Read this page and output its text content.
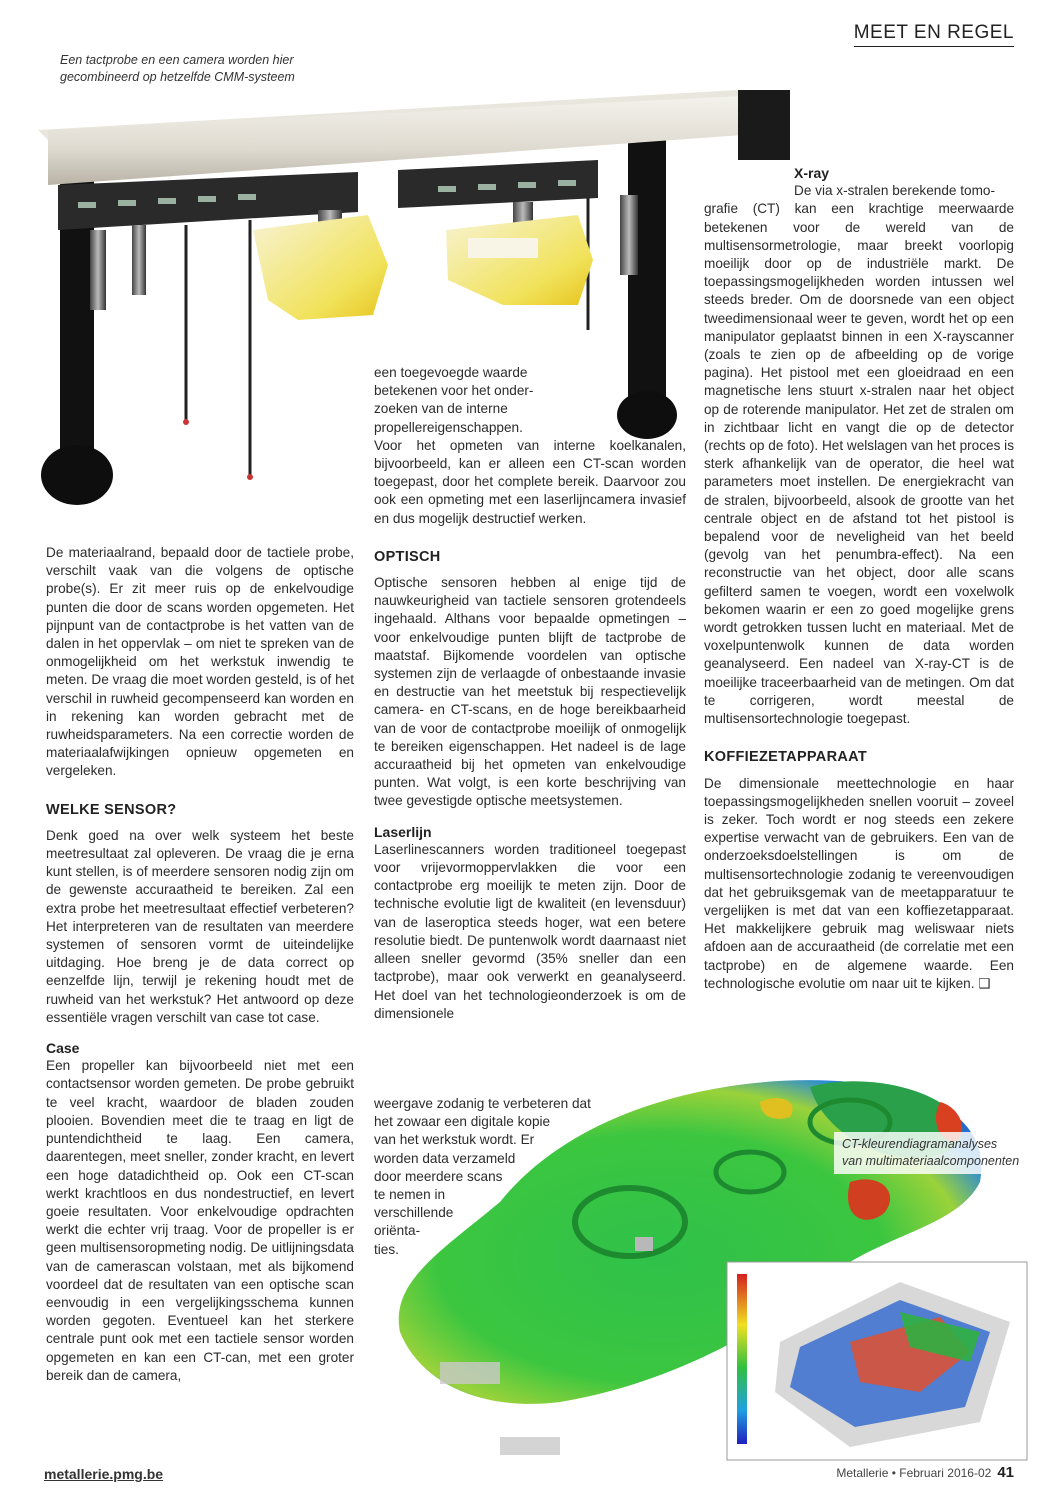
MEET EN REGEL
Een tactprobe en een camera worden hier
gecombineerd op hetzelfde CMM-systeem

De materiaalrand, bepaald door de tactiele probe, verschilt vaak van die volgens de optische probe(s). Er zit meer ruis op de enkelvoudige punten die door de scans worden opgemeten. Het pijnpunt van de contactprobe is het vatten van de dalen in het oppervlak – om niet te spreken van de onmogelijkheid om het werkstuk inwendig te meten. De vraag die moet worden gesteld, is of het verschil in ruwheid gecompenseerd kan worden en in rekening kan worden gebracht met de ruwheidsparameters. Na een correctie worden de materiaalafwijkingen opnieuw opgemeten en vergeleken.

WELKE SENSOR?

Denk goed na over welk systeem het beste meetresultaat zal opleveren. De vraag die je erna kunt stellen, is of meerdere sensoren nodig zijn om de gewenste accuraatheid te bereiken. Zal een extra probe het meetresultaat effectief verbeteren? Het interpreteren van de resultaten van meerdere systemen of sensoren vormt de uiteindelijke uitdaging. Hoe breng je de data correct op eenzelfde lijn, terwijl je rekening houdt met de ruwheid van het werkstuk? Het antwoord op deze essentiële vragen verschilt van case tot case.

Case

Een propeller kan bijvoorbeeld niet met een contactsensor worden gemeten. De probe gebruikt te veel kracht, waardoor de bladen zouden plooien. Bovendien meet die te traag en ligt de puntendichtheid te laag. Een camera, daarentegen, meet sneller, zonder kracht, en levert een hoge datadichtheid op. Ook een CT-scan werkt krachtloos en dus nondestructief, en levert goeie resultaten. Voor enkelvoudige opdrachten werkt die echter vrij traag. Voor de propeller is er geen multisensoropmeting nodig. De uitlijningsdata van de camerascan volstaan, met als bijkomend voordeel dat de resultaten van een optische scan eenvoudig in een vergelijkingsschema kunnen worden gegoten. Eventueel kan het sterkere centrale punt ook met een tactiele sensor worden opgemeten en kan een CT-can, met een groter bereik dan de camera,

een toegevoegde waarde

betekenen voor het onder-

zoeken van de interne

propellereigenschappen.

Voor het opmeten van interne koelkanalen, bijvoorbeeld, kan er alleen een CT-scan worden toegepast, door het complete bereik. Daarvoor zou ook een opmeting met een laserlijncamera invasief en dus mogelijk destructief werken.

OPTISCH

Optische sensoren hebben al enige tijd de nauwkeurigheid van tactiele sensoren grotendeels ingehaald. Althans voor bepaalde opmetingen – voor enkelvoudige punten blijft de tactprobe de maatstaf. Bijkomende voordelen van optische systemen zijn de verlaagde of onbestaande invasie en destructie van het meetstuk bij respectievelijk camera- en CT-scans, en de hoge bereikbaarheid van de voor de contactprobe moeilijk of onmogelijk te bereiken eigenschappen. Het nadeel is de lage accuraatheid bij het opmeten van enkelvoudige punten. Wat volgt, is een korte beschrijving van twee gevestigde optische meetsystemen.

Laserlijn

Laserlinescanners worden traditioneel toegepast voor vrijevormoppervlakken die voor een contactprobe erg moeilijk te meten zijn. Door de technische evolutie ligt de kwaliteit (en levensduur) van de laseroptica steeds hoger, wat een betere resolutie biedt. De puntenwolk wordt daarnaast niet alleen sneller gevormd (35% sneller dan een tactprobe), maar ook verwerkt en geanalyseerd. Het doel van het technologieonderzoek is om de dimensionele

weergave zodanig te verbeteren dat

het zowaar een digitale kopie

van het werkstuk wordt. Er

worden data verzameld

door meerdere scans

te nemen in

verschillende

oriënta-

ties.

CT-kleurendiagramanalyses
van multimateriaalcomponenten

X-ray

De via x-stralen berekende tomo-

grafie (CT) kan een krachtige meerwaarde betekenen voor de wereld van de multisensormetrologie, maar breekt voorlopig moeilijk door op de industriële markt. De toepassingsmogelijkheden worden intussen wel steeds breder. Om de doorsnede van een object tweedimensionaal weer te geven, wordt het op een manipulator geplaatst binnen in een X-rayscanner (zoals te zien op de afbeelding op de vorige pagina). Het pistool met een gloeidraad en een magnetische lens stuurt x-stralen naar het object op de roterende manipulator. Het zet de stralen om in zichtbaar licht en vangt die op de detector (rechts op de foto). Het welslagen van het proces is sterk afhankelijk van de operator, die heel wat parameters moet instellen. De energiekracht van de stralen, bijvoorbeeld, alsook de grootte van het centrale object en de afstand tot het pistool is bepalend voor de neveligheid van het beeld (gevolg van het penumbra-effect). Na een reconstructie van het object, door alle scans gefilterd samen te voegen, wordt een voxelwolk bekomen waarin er een zo goed mogelijke grens wordt getrokken tussen lucht en materiaal. Met de voxelpuntenwolk kunnen de data worden geanalyseerd. Een nadeel van X-ray-CT is de moeilijke traceerbaarheid van de metingen. Om dat te corrigeren, wordt meestal de multisensortechnologie toegepast.

KOFFIEZETAPPARAAT

De dimensionale meettechnologie en haar toepassingsmogelijkheden snellen vooruit – zoveel is zeker. Toch wordt er nog steeds een zekere expertise verwacht van de gebruikers. Een van de onderzoeksdoelstellingen is om de multisensortechnologie zodanig te vereenvoudigen dat het gebruiksgemak van de meetapparatuur te vergelijken is met dat van een koffiezetapparaat. Het makkelijkere gebruik mag weliswaar niets afdoen aan de accuraatheid (de correlatie met een tactprobe) en de algemene waarde. Een technologische evolutie om naar uit te kijken. ❑

metallerie.pmg.be	Metallerie • Februari 2016-02 41
